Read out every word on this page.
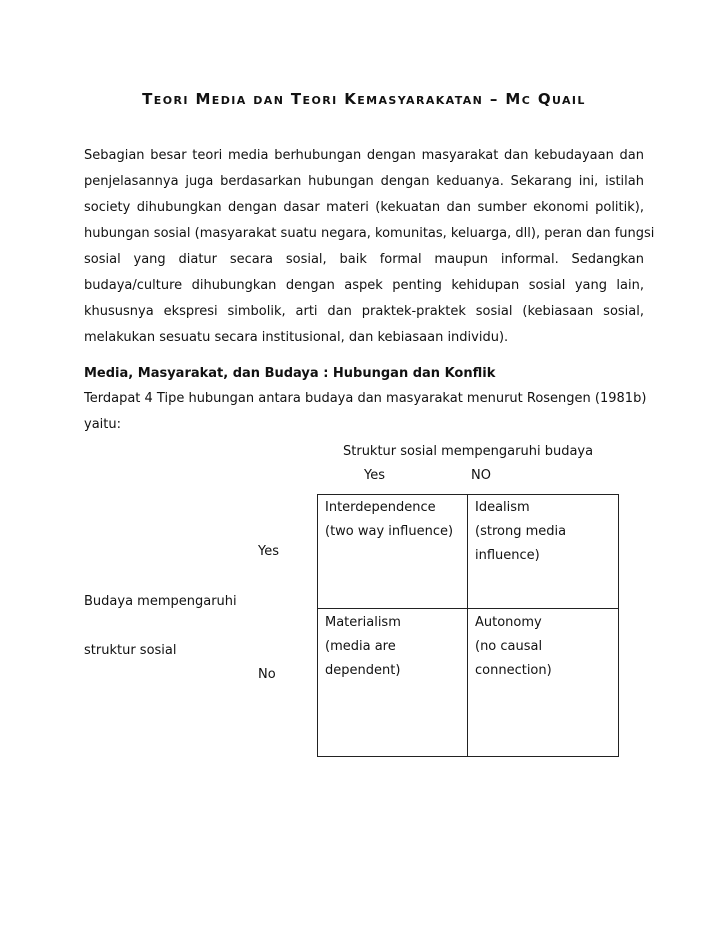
Teori Media dan Teori Kemasyarakatan – Mc Quail
Sebagian besar teori media berhubungan dengan masyarakat dan kebudayaan dan
penjelasannya juga berdasarkan hubungan dengan keduanya. Sekarang ini, istilah
society dihubungkan dengan dasar materi (kekuatan dan sumber ekonomi politik),
hubungan sosial (masyarakat suatu negara, komunitas, keluarga, dll), peran dan fungsi
sosial yang diatur secara sosial, baik formal maupun informal. Sedangkan
budaya/culture dihubungkan dengan aspek penting kehidupan sosial yang lain,
khususnya ekspresi simbolik, arti dan praktek-praktek sosial (kebiasaan sosial,
melakukan sesuatu secara institusional, dan kebiasaan individu).
Media, Masyarakat, dan Budaya : Hubungan dan Konflik
Terdapat 4 Tipe hubungan antara budaya dan masyarakat menurut Rosengen (1981b)
yaitu:
Struktur sosial mempengaruhi budaya
Yes	NO
Yes
Budaya mempengaruhi
struktur sosial
No
Interdependence
(two way influence)
Idealism
(strong media
influence)
Materialism
(media are
dependent)
Autonomy
(no causal
connection)
